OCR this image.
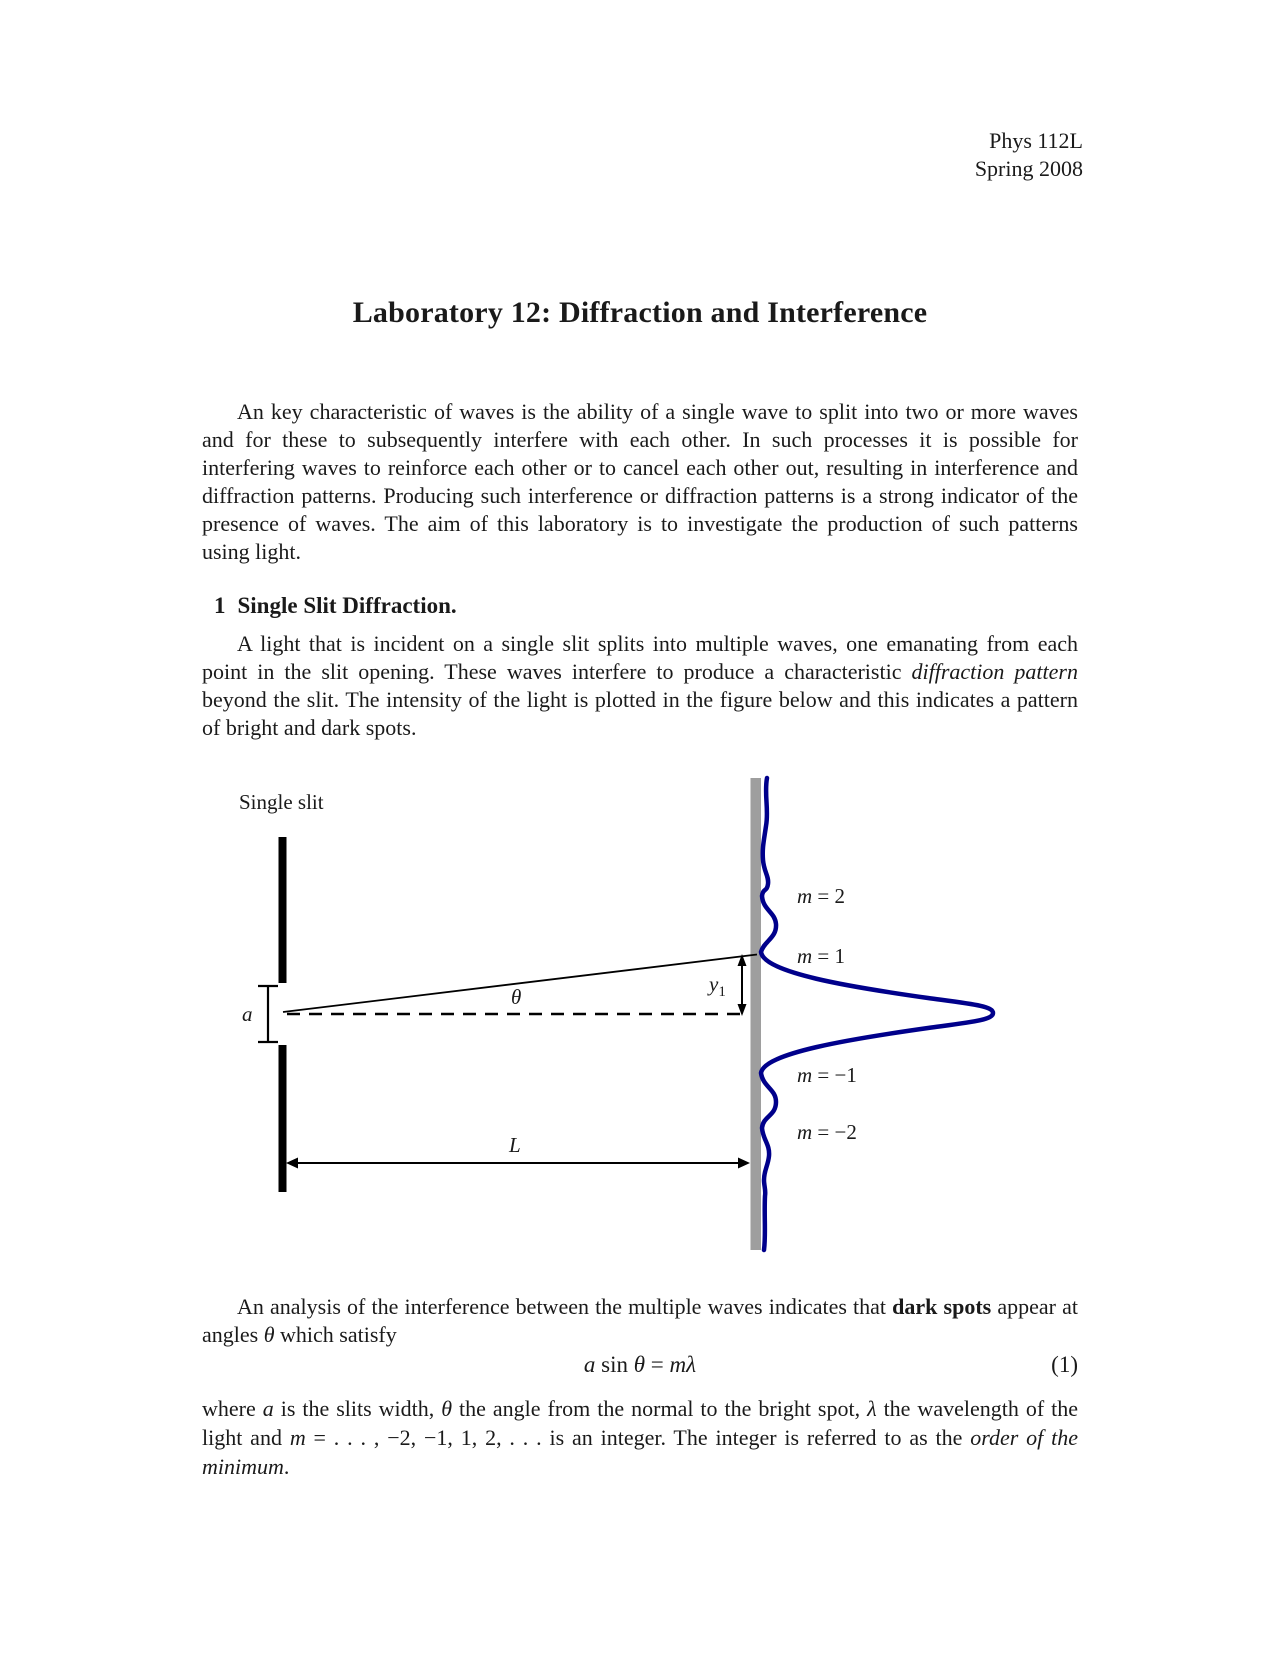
Phys 112L
Spring 2008
Laboratory 12: Diffraction and Interference
An key characteristic of waves is the ability of a single wave to split into two or more waves and for these to subsequently interfere with each other. In such processes it is possible for interfering waves to reinforce each other or to cancel each other out, resulting in interference and diffraction patterns. Producing such interference or diffraction patterns is a strong indicator of the presence of waves. The aim of this laboratory is to investigate the production of such patterns using light.
1 Single Slit Diffraction.
A light that is incident on a single slit splits into multiple waves, one emanating from each point in the slit opening. These waves interfere to produce a characteristic diffraction pattern beyond the slit. The intensity of the light is plotted in the figure below and this indicates a pattern of bright and dark spots.
a
θ
$y_1$
L
Single slit
m = 2
m = 1
m = −1
m = −2
An analysis of the interference between the multiple waves indicates that dark spots appear at angles θ which satisfy
a sin θ = mλ	(1)
where a is the slits width, θ the angle from the normal to the bright spot, λ the wavelength of the light and m = . . . , −2, −1, 1, 2, . . . is an integer. The integer is referred to as the order of the minimum.
